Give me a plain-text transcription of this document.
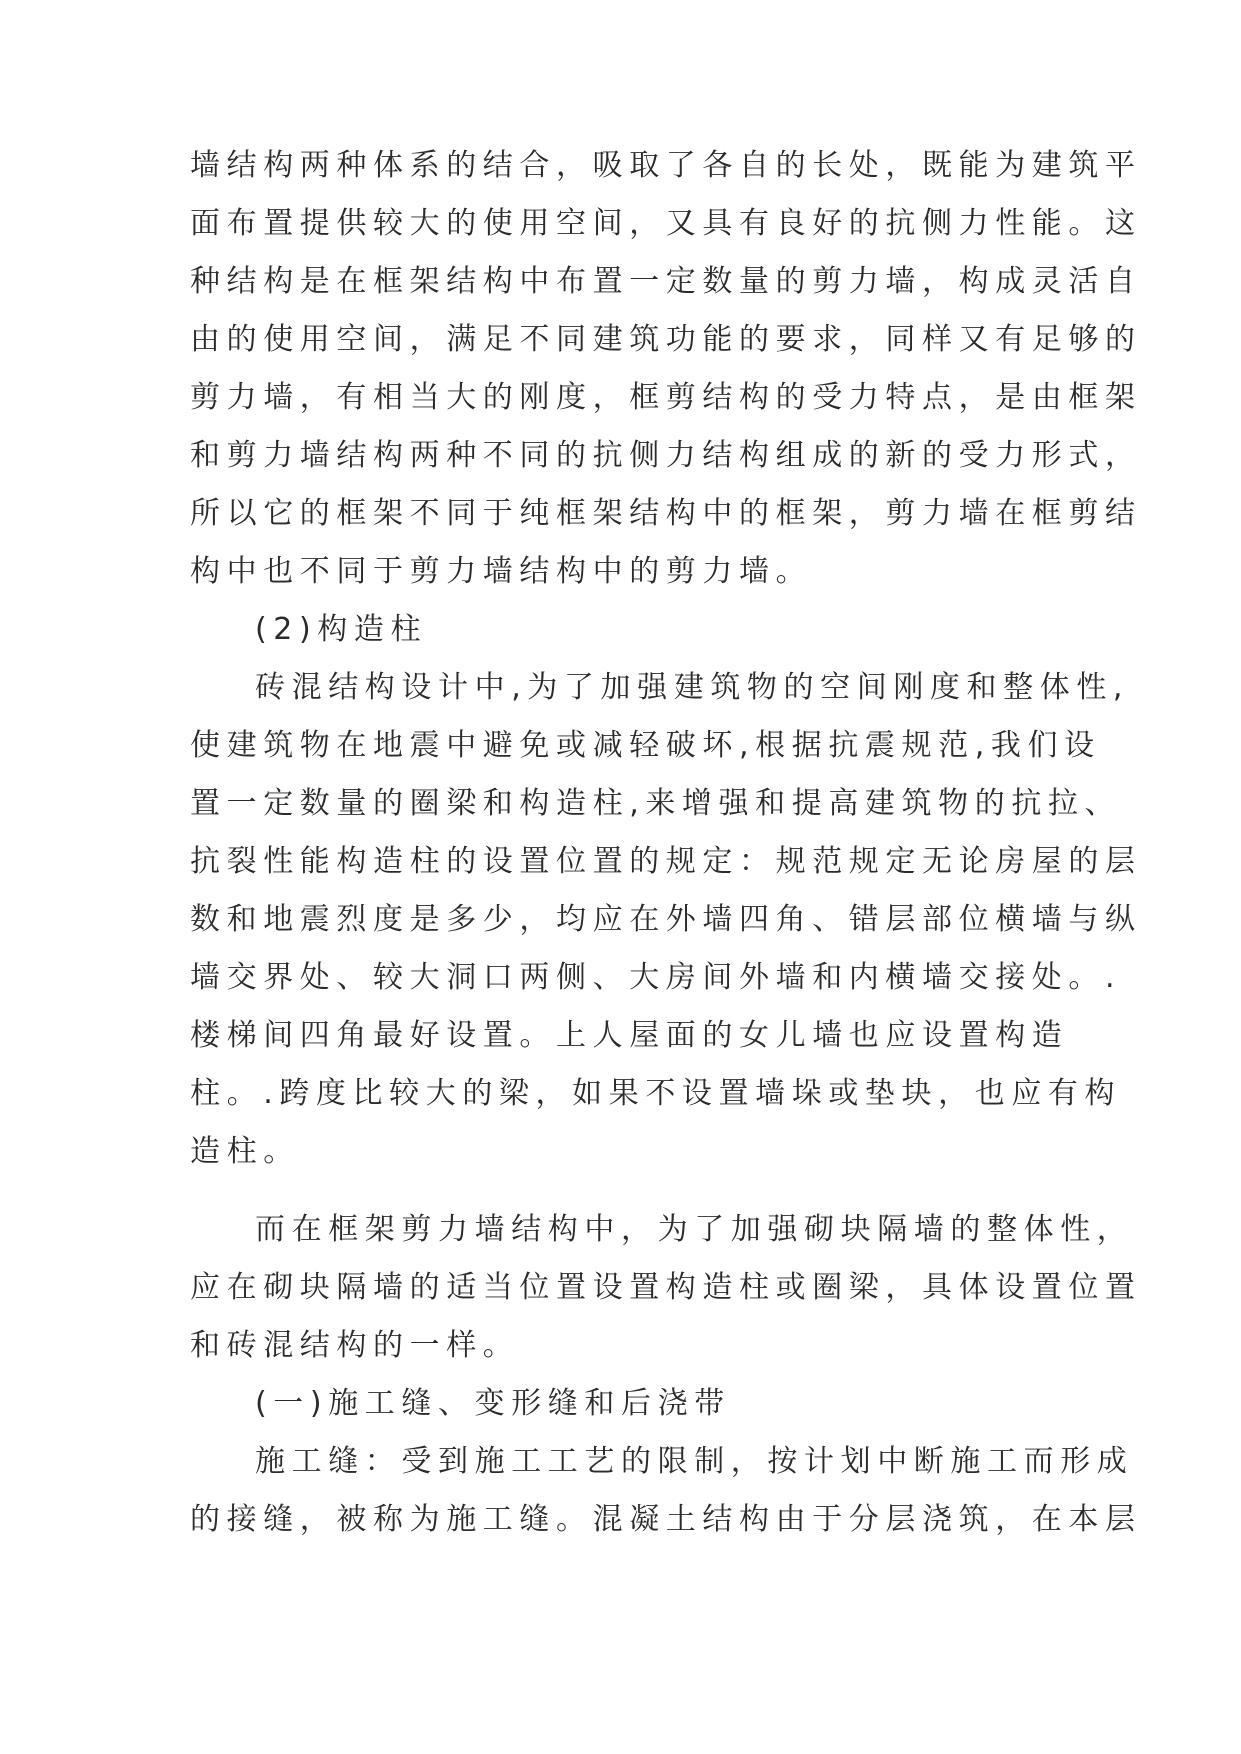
墙结构两种体系的结合，吸取了各自的长处，既能为建筑平
面布置提供较大的使用空间，又具有良好的抗侧力性能。这
种结构是在框架结构中布置一定数量的剪力墙，构成灵活自
由的使用空间，满足不同建筑功能的要求，同样又有足够的
剪力墙，有相当大的刚度，框剪结构的受力特点，是由框架
和剪力墙结构两种不同的抗侧力结构组成的新的受力形式，
所以它的框架不同于纯框架结构中的框架，剪力墙在框剪结
构中也不同于剪力墙结构中的剪力墙。
(2)构造柱
砖混结构设计中,为了加强建筑物的空间刚度和整体性,
使建筑物在地震中避免或减轻破坏,根据抗震规范,我们设
置一定数量的圈梁和构造柱,来增强和提高建筑物的抗拉、
抗裂性能构造柱的设置位置的规定：规范规定无论房屋的层
数和地震烈度是多少，均应在外墙四角、错层部位横墙与纵
墙交界处、较大洞口两侧、大房间外墙和内横墙交接处。.
楼梯间四角最好设置。上人屋面的女儿墙也应设置构造
柱。.跨度比较大的梁，如果不设置墙垛或垫块，也应有构
造柱。
而在框架剪力墙结构中，为了加强砌块隔墙的整体性，
应在砌块隔墙的适当位置设置构造柱或圈梁，具体设置位置
和砖混结构的一样。
(一)施工缝、变形缝和后浇带
施工缝：受到施工工艺的限制，按计划中断施工而形成
的接缝，被称为施工缝。混凝土结构由于分层浇筑，在本层
